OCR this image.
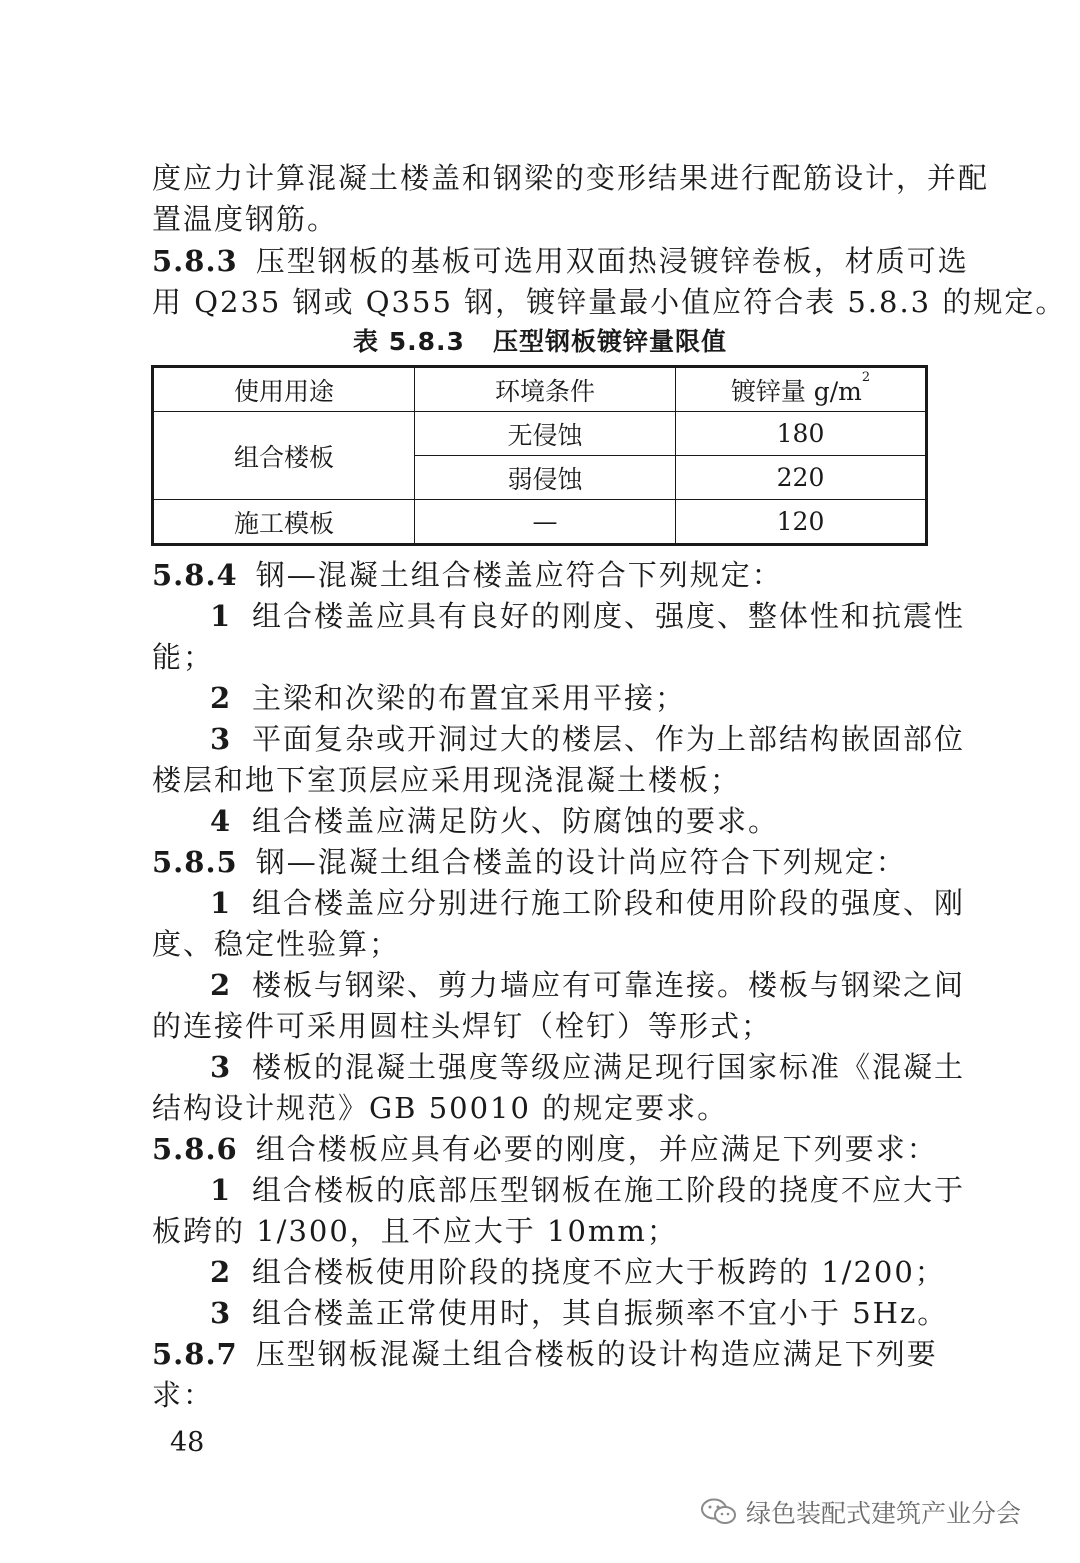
度应力计算混凝土楼盖和钢梁的变形结果进行配筋设计，并配
置温度钢筋。
5.8.3 压型钢板的基板可选用双面热浸镀锌卷板，材质可选
用 Q235 钢或 Q355 钢，镀锌量最小值应符合表 5.8.3 的规定。
表 5.8.3 压型钢板镀锌量限值
使用用途	环境条件	镀锌量 $g/m^2$
组合楼板	无侵蚀	180
	弱侵蚀	220
施工模板	—	120
5.8.4 钢—混凝土组合楼盖应符合下列规定：
1 组合楼盖应具有良好的刚度、强度、整体性和抗震性
能；
2 主梁和次梁的布置宜采用平接；
3 平面复杂或开洞过大的楼层、作为上部结构嵌固部位
楼层和地下室顶层应采用现浇混凝土楼板；
4 组合楼盖应满足防火、防腐蚀的要求。
5.8.5 钢—混凝土组合楼盖的设计尚应符合下列规定：
1 组合楼盖应分别进行施工阶段和使用阶段的强度、刚
度、稳定性验算；
2 楼板与钢梁、剪力墙应有可靠连接。楼板与钢梁之间
的连接件可采用圆柱头焊钉（栓钉）等形式；
3 楼板的混凝土强度等级应满足现行国家标准《混凝土
结构设计规范》GB 50010 的规定要求。
5.8.6 组合楼板应具有必要的刚度，并应满足下列要求：
1 组合楼板的底部压型钢板在施工阶段的挠度不应大于
板跨的 1/300，且不应大于 10mm；
2 组合楼板使用阶段的挠度不应大于板跨的 1/200；
3 组合楼盖正常使用时，其自振频率不宜小于 5Hz。
5.8.7 压型钢板混凝土组合楼板的设计构造应满足下列要
求：
48
绿色装配式建筑产业分会
